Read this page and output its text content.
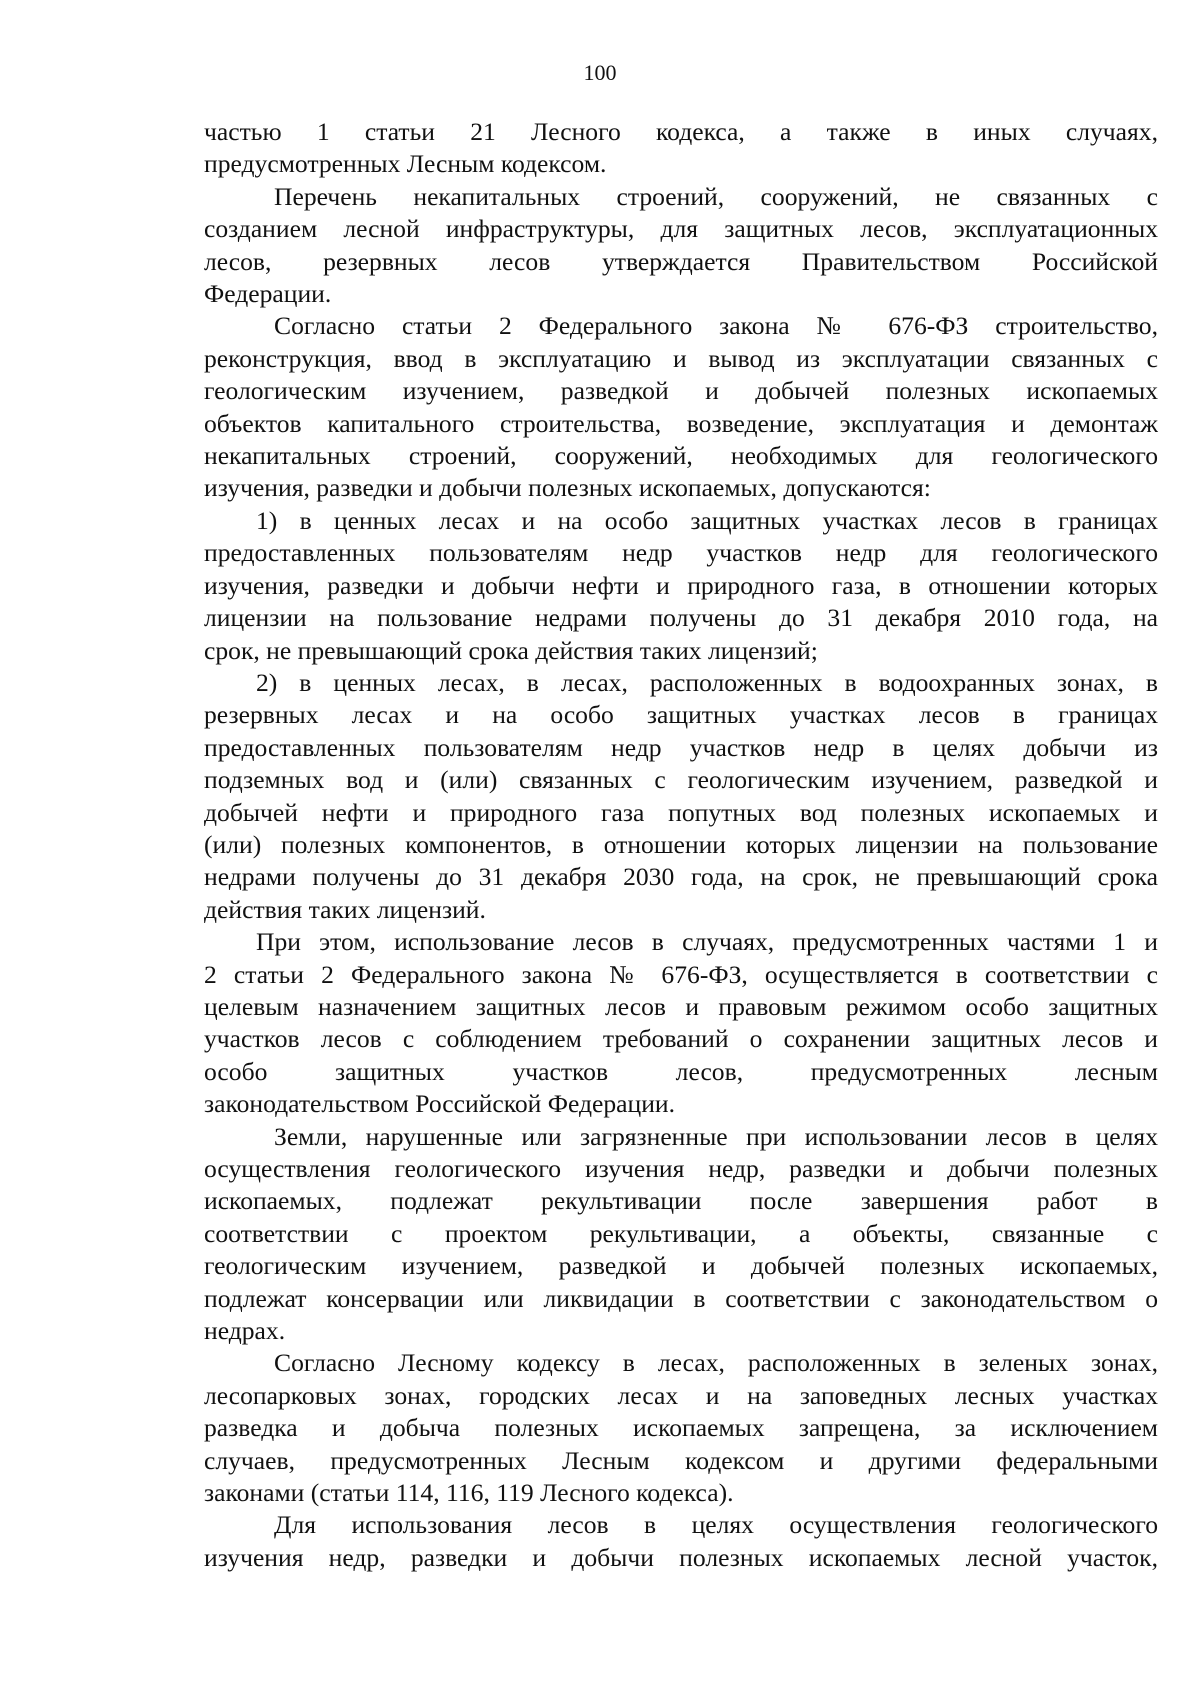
100
частью 1 статьи 21 Лесного кодекса, а также в иных случаях,
предусмотренных Лесным кодексом.
Перечень некапитальных строений, сооружений, не связанных с
созданием лесной инфраструктуры, для защитных лесов, эксплуатационных
лесов, резервных лесов утверждается Правительством Российской
Федерации.
Согласно статьи 2 Федерального закона № 676-ФЗ строительство,
реконструкция, ввод в эксплуатацию и вывод из эксплуатации связанных с
геологическим изучением, разведкой и добычей полезных ископаемых
объектов капитального строительства, возведение, эксплуатация и демонтаж
некапитальных строений, сооружений, необходимых для геологического
изучения, разведки и добычи полезных ископаемых, допускаются:
1) в ценных лесах и на особо защитных участках лесов в границах
предоставленных пользователям недр участков недр для геологического
изучения, разведки и добычи нефти и природного газа, в отношении которых
лицензии на пользование недрами получены до 31 декабря 2010 года, на
срок, не превышающий срока действия таких лицензий;
2) в ценных лесах, в лесах, расположенных в водоохранных зонах, в
резервных лесах и на особо защитных участках лесов в границах
предоставленных пользователям недр участков недр в целях добычи из
подземных вод и (или) связанных с геологическим изучением, разведкой и
добычей нефти и природного газа попутных вод полезных ископаемых и
(или) полезных компонентов, в отношении которых лицензии на пользование
недрами получены до 31 декабря 2030 года, на срок, не превышающий срока
действия таких лицензий.
При этом, использование лесов в случаях, предусмотренных частями 1 и
2 статьи 2 Федерального закона № 676-ФЗ, осуществляется в соответствии с
целевым назначением защитных лесов и правовым режимом особо защитных
участков лесов с соблюдением требований о сохранении защитных лесов и
особо защитных участков лесов, предусмотренных лесным
законодательством Российской Федерации.
Земли, нарушенные или загрязненные при использовании лесов в целях
осуществления геологического изучения недр, разведки и добычи полезных
ископаемых, подлежат рекультивации после завершения работ в
соответствии с проектом рекультивации, а объекты, связанные с
геологическим изучением, разведкой и добычей полезных ископаемых,
подлежат консервации или ликвидации в соответствии с законодательством о
недрах.
Согласно Лесному кодексу в лесах, расположенных в зеленых зонах,
лесопарковых зонах, городских лесах и на заповедных лесных участках
разведка и добыча полезных ископаемых запрещена, за исключением
случаев, предусмотренных Лесным кодексом и другими федеральными
законами (статьи 114, 116, 119 Лесного кодекса).
Для использования лесов в целях осуществления геологического
изучения недр, разведки и добычи полезных ископаемых лесной участок,
